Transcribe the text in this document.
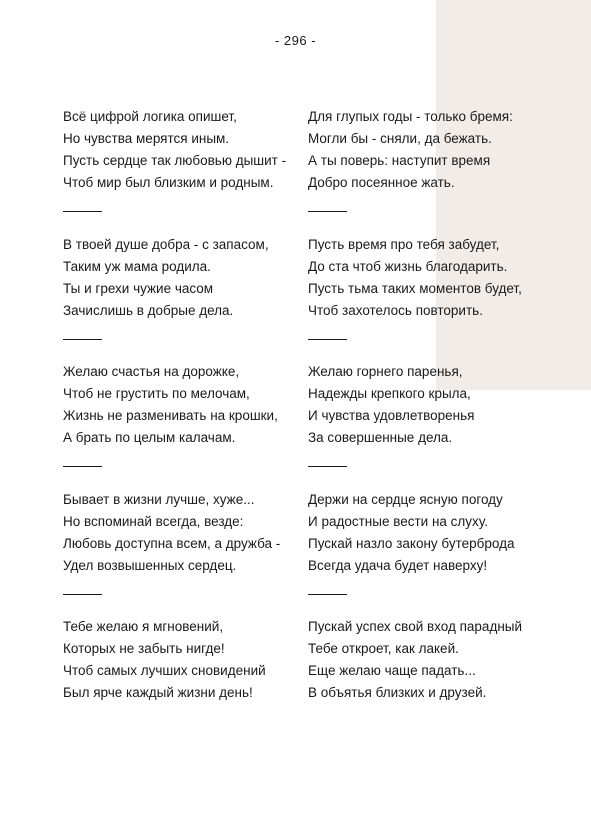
- 296 -
Всё цифрой логика опишет,
Но чувства мерятся иным.
Пусть сердце так любовью дышит -
Чтоб мир был близким и родным.
В твоей душе добра - с запасом,
Таким уж мама родила.
Ты и грехи чужие часом
Зачислишь в добрые дела.
Желаю счастья на дорожке,
Чтоб не грустить по мелочам,
Жизнь не разменивать на крошки,
А брать по целым калачам.
Бывает в жизни лучше, хуже...
Но вспоминай всегда, везде:
Любовь доступна всем, а дружба -
Удел возвышенных сердец.
Тебе желаю я мгновений,
Которых не забыть нигде!
Чтоб самых лучших сновидений
Был ярче каждый жизни день!
Для глупых годы - только бремя:
Могли бы - сняли, да бежать.
А ты поверь: наступит время
Добро посеянное жать.
Пусть время про тебя забудет,
До ста чтоб жизнь благодарить.
Пусть тьма таких моментов будет,
Чтоб захотелось повторить.
Желаю горнего паренья,
Надежды крепкого крыла,
И чувства удовлетворенья
За совершенные дела.
Держи на сердце ясную погоду
И радостные вести на слуху.
Пускай назло закону бутерброда
Всегда удача будет наверху!
Пускай успех свой вход парадный
Тебе откроет, как лакей.
Еще желаю чаще падать...
В объятья близких и друзей.
